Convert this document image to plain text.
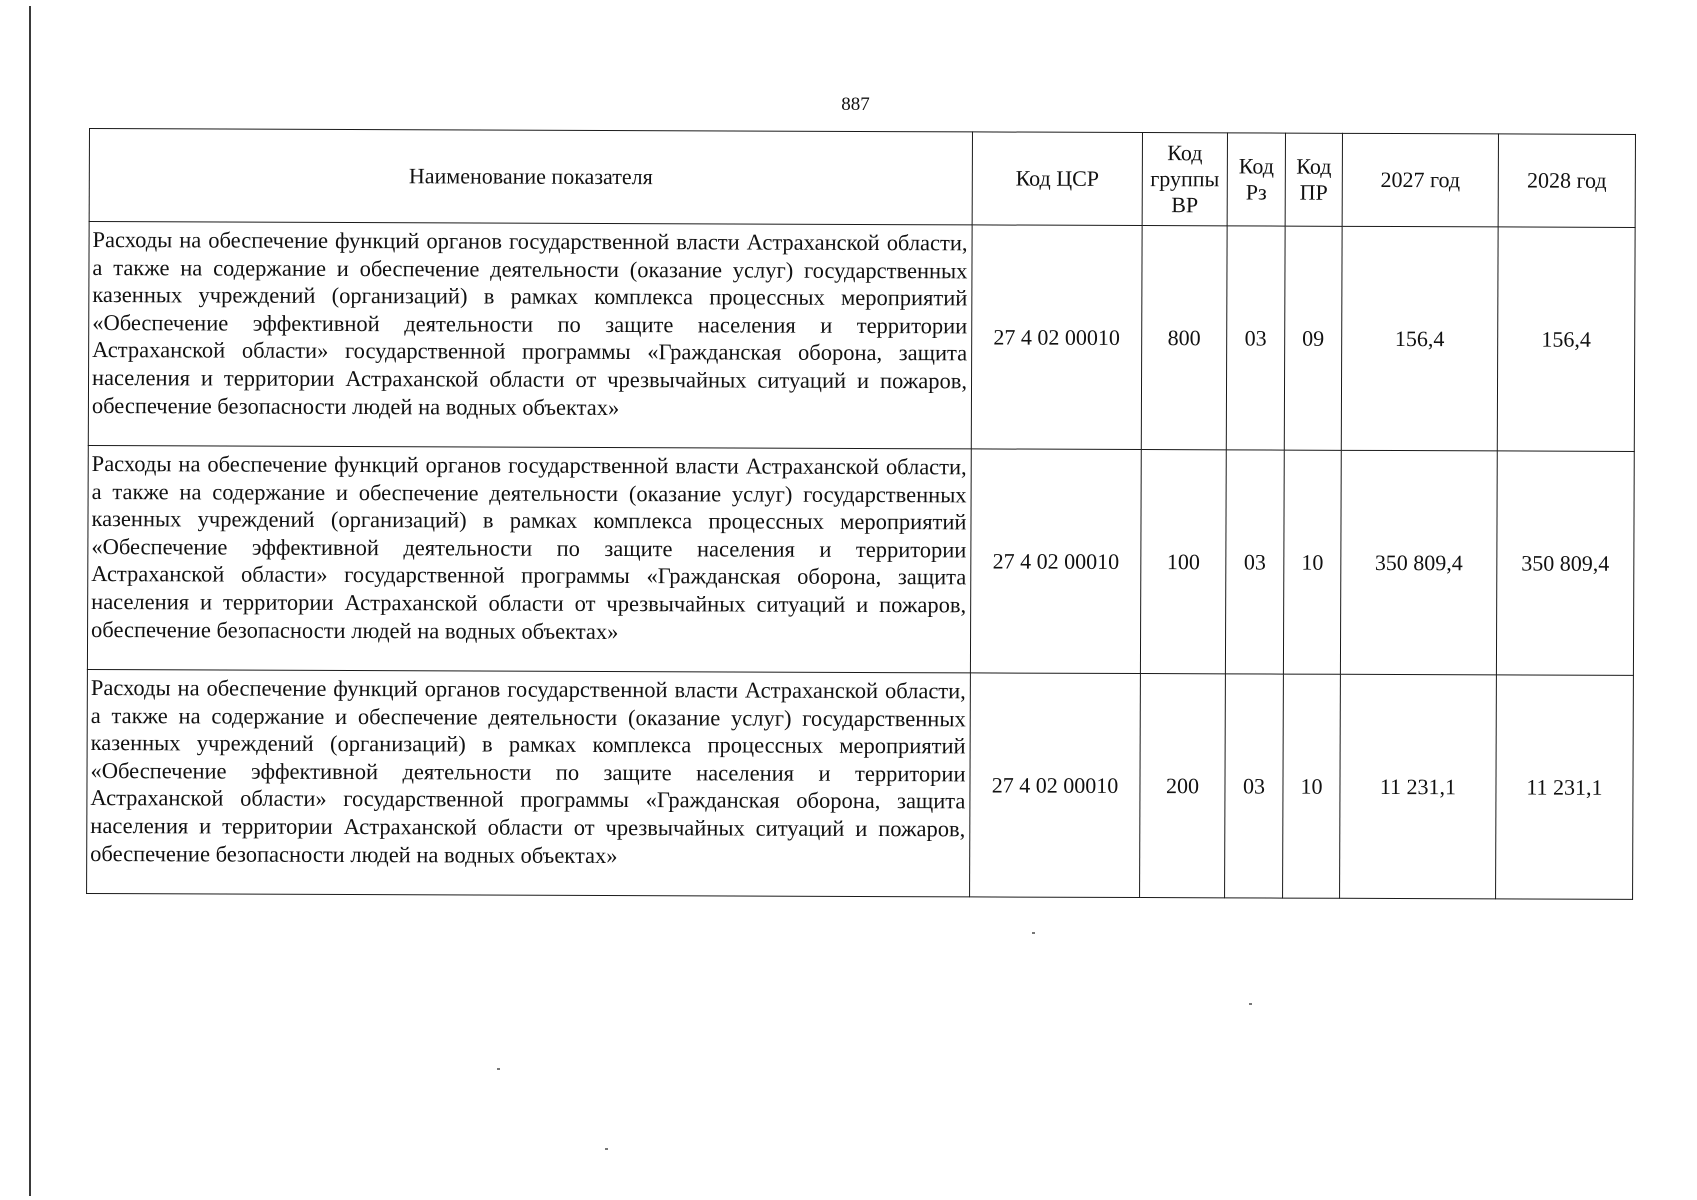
887
Наименование показателя	Код ЦСР	Код группы ВР	Код Рз	Код ПР	2027 год	2028 год
Расходы на обеспечение функций органов государственной власти Астраханской области, а также на содержание и обеспечение деятельности (оказание услуг) государственных казенных учреждений (организаций) в рамках комплекса процессных мероприятий «Обеспечение эффективной деятельности по защите населения и территории Астраханской области» государственной программы «Гражданская оборона, защита населения и территории Астраханской области от чрезвычайных ситуаций и пожаров, обеспечение безопасности людей на водных объектах»	27 4 02 00010	800	03	09	156,4	156,4
Расходы на обеспечение функций органов государственной власти Астраханской области, а также на содержание и обеспечение деятельности (оказание услуг) государственных казенных учреждений (организаций) в рамках комплекса процессных мероприятий «Обеспечение эффективной деятельности по защите населения и территории Астраханской области» государственной программы «Гражданская оборона, защита населения и территории Астраханской области от чрезвычайных ситуаций и пожаров, обеспечение безопасности людей на водных объектах»	27 4 02 00010	100	03	10	350 809,4	350 809,4
Расходы на обеспечение функций органов государственной власти Астраханской области, а также на содержание и обеспечение деятельности (оказание услуг) государственных казенных учреждений (организаций) в рамках комплекса процессных мероприятий «Обеспечение эффективной деятельности по защите населения и территории Астраханской области» государственной программы «Гражданская оборона, защита населения и территории Астраханской области от чрезвычайных ситуаций и пожаров, обеспечение безопасности людей на водных объектах»	27 4 02 00010	200	03	10	11 231,1	11 231,1
